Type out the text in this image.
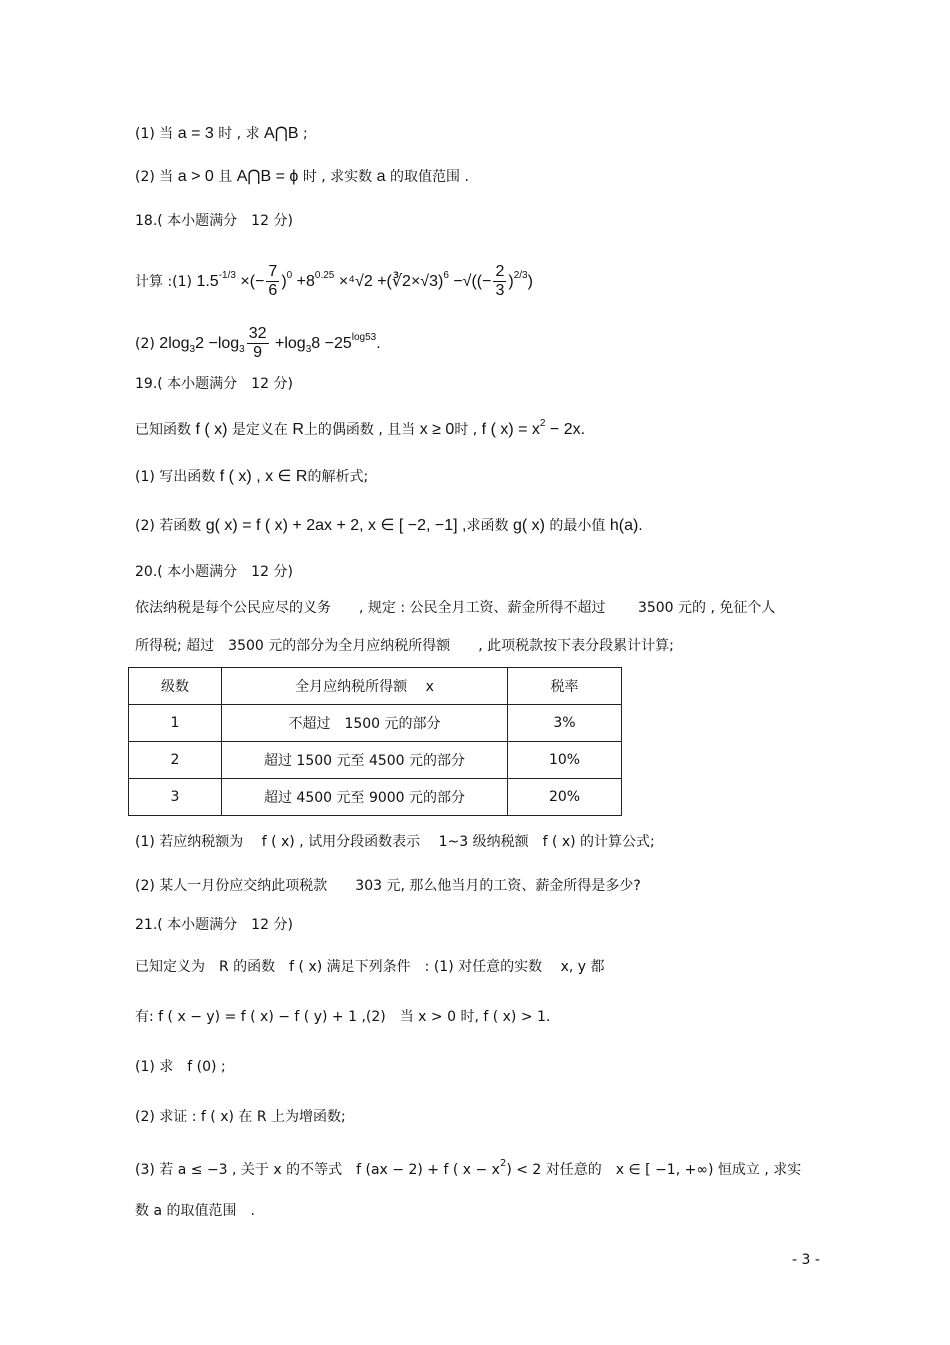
(1) 当 a = 3 时 , 求 A⋂B ;
(2) 当 a > 0 且 A⋂B = ϕ 时 , 求实数 a 的取值范围 .
18.( 本小题满分　12 分)
计算 :(1) $1.5^{-1/3}$ ×(− $\frac{7}{6} )^0 +8^{0.25} \times^4√2$ +(∛2×√3)$^6$ −√((− $\frac{2}{3} )^{2/3}$)
(2) $2\log_32 -\log_3 \frac{32}{9} +\log_38 -25^{log53}$.
19.( 本小题满分　12 分)
已知函数 f ( x) 是定义在 R上的偶函数 , 且当 x ≥ 0时 , f ( $x) = x^2 - 2x$.
(1) 写出函数 f ( x) , x ∈ R的解析式;
(2) 若函数 g( x) = f ( x) + 2ax + 2, x ∈ [ −2, −1] ,求函数 g( x) 的最小值 h(a).
20.( 本小题满分　12 分)
依法纳税是每个公民应尽的义务　　, 规定 : 公民全月工资、薪金所得不超过　　 3500 元的 , 免征个人
所得税; 超过　3500 元的部分为全月应纳税所得额　　, 此项税款按下表分段累计计算;
级数	全月应纳税所得额　 x	税率
1	不超过　1500 元的部分	3%
2	超过 1500 元至 4500 元的部分	10%
3	超过 4500 元至 9000 元的部分	20%
(1) 若应纳税额为　 f ( x) , 试用分段函数表示　 1~3 级纳税额　f ( x) 的计算公式;
(2) 某人一月份应交纳此项税款　　303 元, 那么他当月的工资、薪金所得是多少?
21.( 本小题满分　12 分)
已知定义为　R 的函数　f ( x) 满足下列条件　: (1) 对任意的实数　 x, y 都
有: f ( x − y) = f ( x) − f ( y) + 1 ,(2)　当 x > 0 时, f ( x) > 1.
(1) 求　f (0) ;
(2) 求证 : f ( x) 在 R 上为增函数;
(3) 若 a ≤ −3 , 关于 x 的不等式　f (ax − 2) + f ( $x - x^2) < 2$ 对任意的　x ∈ [ −1, +∞) 恒成立 , 求实
数 a 的取值范围　.
- 3 -
